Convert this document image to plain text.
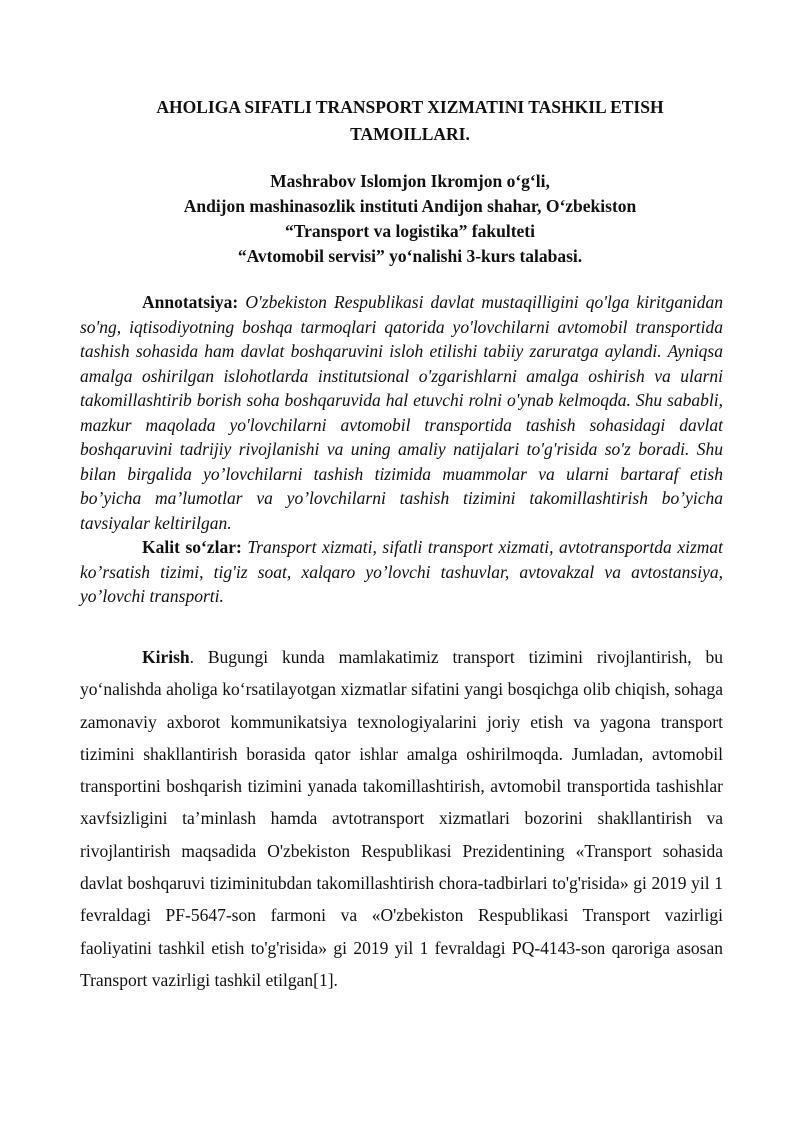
AHOLIGA SIFATLI TRANSPORT XIZMATINI TASHKIL ETISH
TAMOILLARI.
Mashrabov Islomjon Ikromjon o‘g‘li,
Andijon mashinasozlik instituti Andijon shahar, O‘zbekiston
“Transport va logistika” fakulteti
“Avtomobil servisi” yo‘nalishi 3-kurs talabasi.

Annotatsiya: O'zbekiston Respublikasi davlat mustaqilligini qo'lga kiritganidan so'ng, iqtisodiyotning boshqa tarmoqlari qatorida yo'lovchilarni avtomobil transportida tashish sohasida ham davlat boshqaruvini isloh etilishi tabiiy zaruratga aylandi. Ayniqsa amalga oshirilgan islohotlarda institutsional o'zgarishlarni amalga oshirish va ularni takomillashtirib borish soha boshqaruvida hal etuvchi rolni o'ynab kelmoqda. Shu sababli, mazkur maqolada yo'lovchilarni avtomobil transportida tashish sohasidagi davlat boshqaruvini tadrijiy rivojlanishi va uning amaliy natijalari to'g'risida so'z boradi. Shu bilan birgalida yo’lovchilarni tashish tizimida muammolar va ularni bartaraf etish bo’yicha ma’lumotlar va yo’lovchilarni tashish tizimini takomillashtirish bo’yicha tavsiyalar keltirilgan.

Kalit so‘zlar: Transport xizmati, sifatli transport xizmati, avtotransportda xizmat ko’rsatish tizimi, tig'iz soat, xalqaro yo’lovchi tashuvlar, avtovakzal va avtostansiya, yo’lovchi transporti.

Kirish. Bugungi kunda mamlakatimiz transport tizimini rivojlantirish, bu yo‘nalishda aholiga ko‘rsatilayotgan xizmatlar sifatini yangi bosqichga olib chiqish, sohaga zamonaviy axborot kommunikatsiya texnologiyalarini joriy etish va yagona transport tizimini shakllantirish borasida qator ishlar amalga oshirilmoqda. Jumladan, avtomobil transportini boshqarish tizimini yanada takomillashtirish, avtomobil transportida tashishlar xavfsizligini ta’minlash hamda avtotransport xizmatlari bozorini shakllantirish va rivojlantirish maqsadida O'zbekiston Respublikasi Prezidentining «Transport sohasida davlat boshqaruvi tiziminitubdan takomillashtirish chora-tadbirlari to'g'risida» gi 2019 yil 1 fevraldagi PF-5647-son farmoni va «O'zbekiston Respublikasi Transport vazirligi faoliyatini tashkil etish to'g'risida» gi 2019 yil 1 fevraldagi PQ-4143-son qaroriga asosan Transport vazirligi tashkil etilgan[1].
